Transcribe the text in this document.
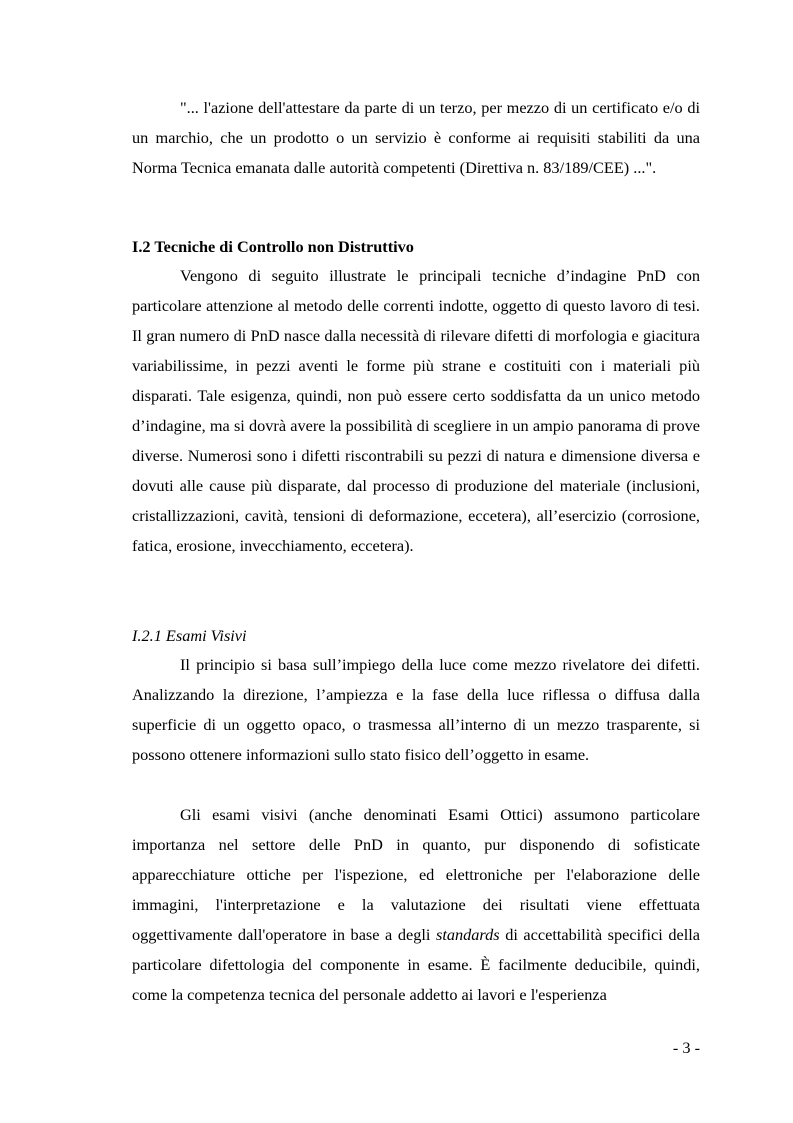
"... l'azione dell'attestare da parte di un terzo, per mezzo di un certificato e/o di un marchio, che un prodotto o un servizio è conforme ai requisiti stabiliti da una Norma Tecnica emanata dalle autorità competenti (Direttiva n. 83/189/CEE) ...".

I.2 Tecniche di Controllo non Distruttivo

Vengono di seguito illustrate le principali tecniche d’indagine PnD con particolare attenzione al metodo delle correnti indotte, oggetto di questo lavoro di tesi. Il gran numero di PnD nasce dalla necessità di rilevare difetti di morfologia e giacitura variabilissime, in pezzi aventi le forme più strane e costituiti con i materiali più disparati. Tale esigenza, quindi, non può essere certo soddisfatta da un unico metodo d’indagine, ma si dovrà avere la possibilità di scegliere in un ampio panorama di prove diverse. Numerosi sono i difetti riscontrabili su pezzi di natura e dimensione diversa e dovuti alle cause più disparate, dal processo di produzione del materiale (inclusioni, cristallizzazioni, cavità, tensioni di deformazione, eccetera), all’esercizio (corrosione, fatica, erosione, invecchiamento, eccetera).

I.2.1 Esami Visivi

Il principio si basa sull’impiego della luce come mezzo rivelatore dei difetti. Analizzando la direzione, l’ampiezza e la fase della luce riflessa o diffusa dalla superficie di un oggetto opaco, o trasmessa all’interno di un mezzo trasparente, si possono ottenere informazioni sullo stato fisico dell’oggetto in esame.

Gli esami visivi (anche denominati Esami Ottici) assumono particolare importanza nel settore delle PnD in quanto, pur disponendo di sofisticate apparecchiature ottiche per l'ispezione, ed elettroniche per l'elaborazione delle immagini, l'interpretazione e la valutazione dei risultati viene effettuata oggettivamente dall'operatore in base a degli standards di accettabilità specifici della particolare difettologia del componente in esame. È facilmente deducibile, quindi, come la competenza tecnica del personale addetto ai lavori e l'esperienza

- 3 -
